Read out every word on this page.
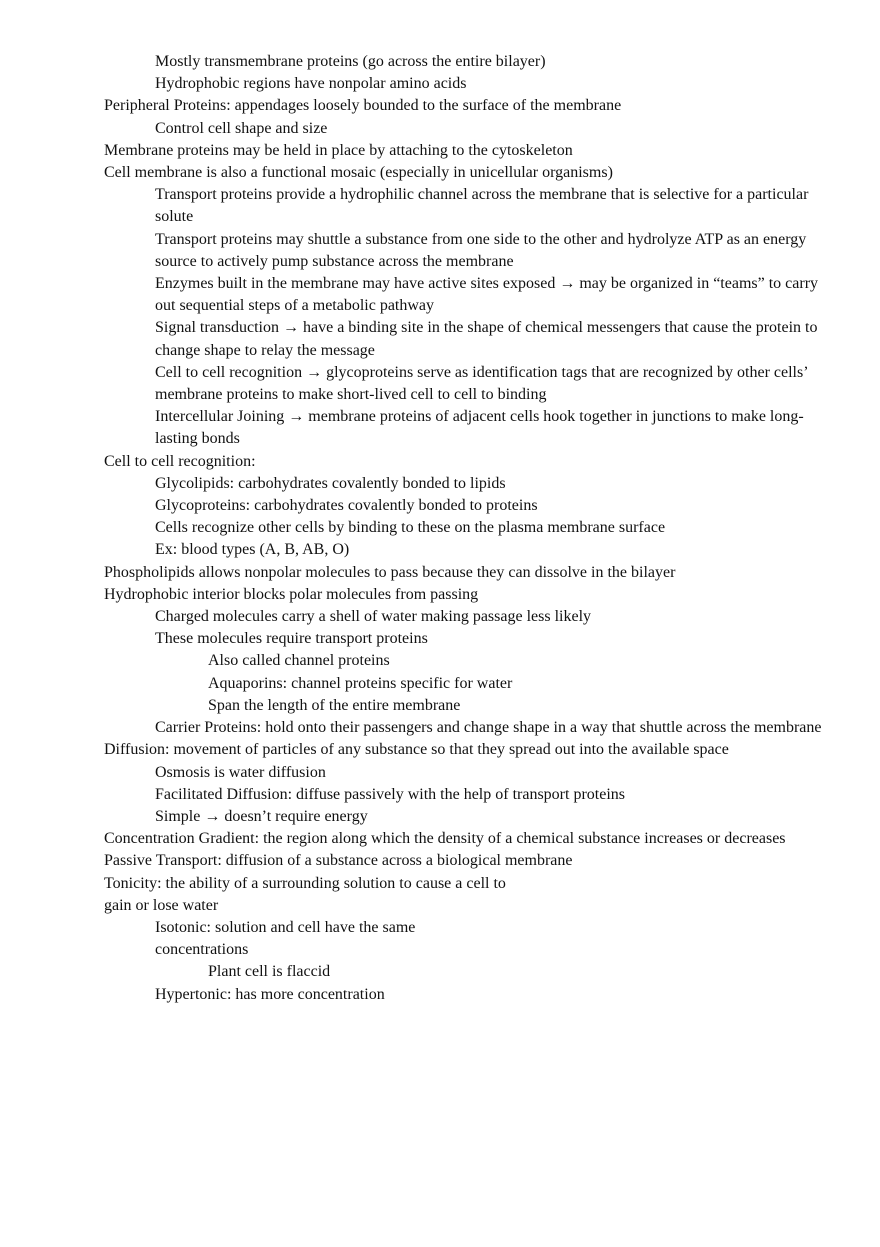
Mostly transmembrane proteins (go across the entire bilayer)
Hydrophobic regions have nonpolar amino acids
Peripheral Proteins: appendages loosely bounded to the surface of the membrane
Control cell shape and size
Membrane proteins may be held in place by attaching to the cytoskeleton
Cell membrane is also a functional mosaic (especially in unicellular organisms)
Transport proteins provide a hydrophilic channel across the membrane that is selective for a particular solute
Transport proteins may shuttle a substance from one side to the other and hydrolyze ATP as an energy source to actively pump substance across the membrane
Enzymes built in the membrane may have active sites exposed → may be organized in “teams” to carry out sequential steps of a metabolic pathway
Signal transduction → have a binding site in the shape of chemical messengers that cause the protein to change shape to relay the message
Cell to cell recognition → glycoproteins serve as identification tags that are recognized by other cells’ membrane proteins to make short-lived cell to cell to binding
Intercellular Joining → membrane proteins of adjacent cells hook together in junctions to make long-lasting bonds
Cell to cell recognition:
Glycolipids: carbohydrates covalently bonded to lipids
Glycoproteins: carbohydrates covalently bonded to proteins
Cells recognize other cells by binding to these on the plasma membrane surface
Ex: blood types (A, B, AB, O)
Phospholipids allows nonpolar molecules to pass because they can dissolve in the bilayer
Hydrophobic interior blocks polar molecules from passing
Charged molecules carry a shell of water making passage less likely
These molecules require transport proteins
Also called channel proteins
Aquaporins: channel proteins specific for water
Span the length of the entire membrane
Carrier Proteins: hold onto their passengers and change shape in a way that shuttle across the membrane
Diffusion: movement of particles of any substance so that they spread out into the available space
Osmosis is water diffusion
Facilitated Diffusion: diffuse passively with the help of transport proteins
Simple → doesn’t require energy
Concentration Gradient: the region along which the density of a chemical substance increases or decreases
Passive Transport: diffusion of a substance across a biological membrane
Tonicity: the ability of a surrounding solution to cause a cell to gain or lose water
Isotonic: solution and cell have the same concentrations
Plant cell is flaccid
Hypertonic: has more concentration
